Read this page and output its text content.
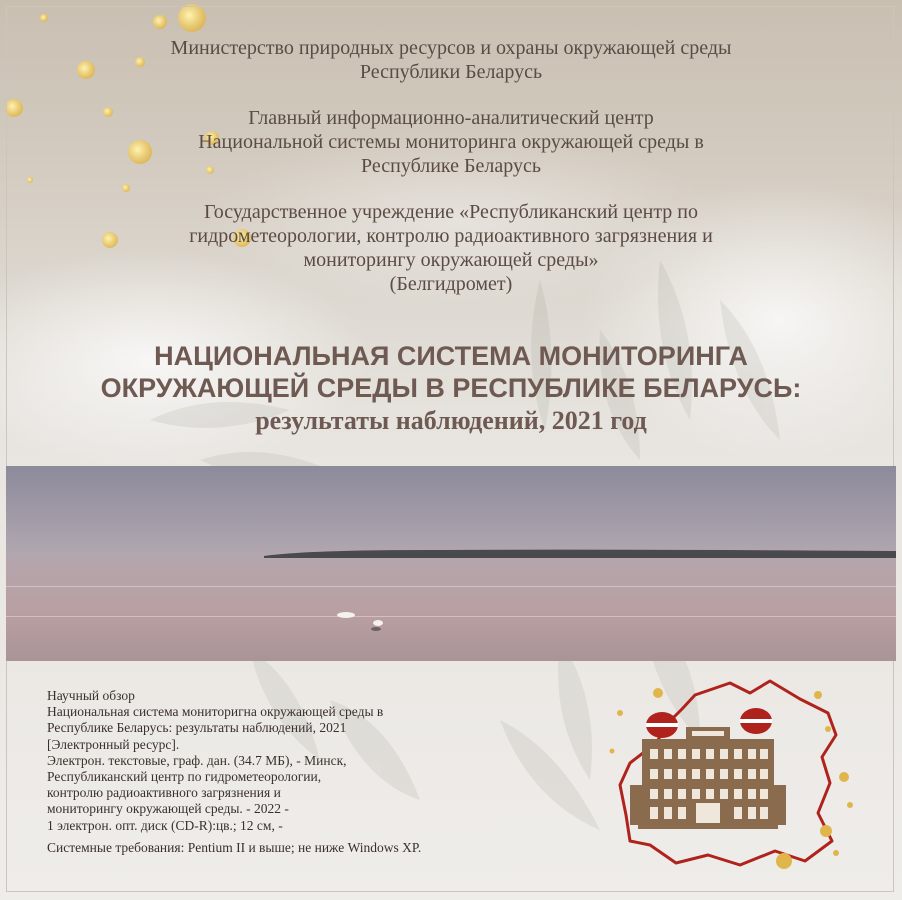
Министерство природных ресурсов и охраны окружающей среды
Республики Беларусь
Главный информационно-аналитический центр
Национальной системы мониторинга окружающей среды в
Республике Беларусь
Государственное учреждение «Республиканский центр по
гидрометеорологии, контролю радиоактивного загрязнения и
мониторингу окружающей среды»
(Белгидромет)
НАЦИОНАЛЬНАЯ СИСТЕМА МОНИТОРИНГА
ОКРУЖАЮЩЕЙ СРЕДЫ В РЕСПУБЛИКЕ БЕЛАРУСЬ:
результаты наблюдений, 2021 год
Научный обзор
Национальная система мониторигна окружающей среды в
Республике Беларусь: результаты наблюдений, 2021
[Электронный ресурс].
Электрон. текстовые, граф. дан. (34.7 МБ), - Минск,
Республиканский центр по гидрометеорологии,
контролю радиоактивного загрязнения и
мониторингу окружающей среды. - 2022 -
1 электрон. опт. диск (CD-R):цв.; 12 см, -
Системные требования: Pentium II и выше; не ниже Windows XP.
